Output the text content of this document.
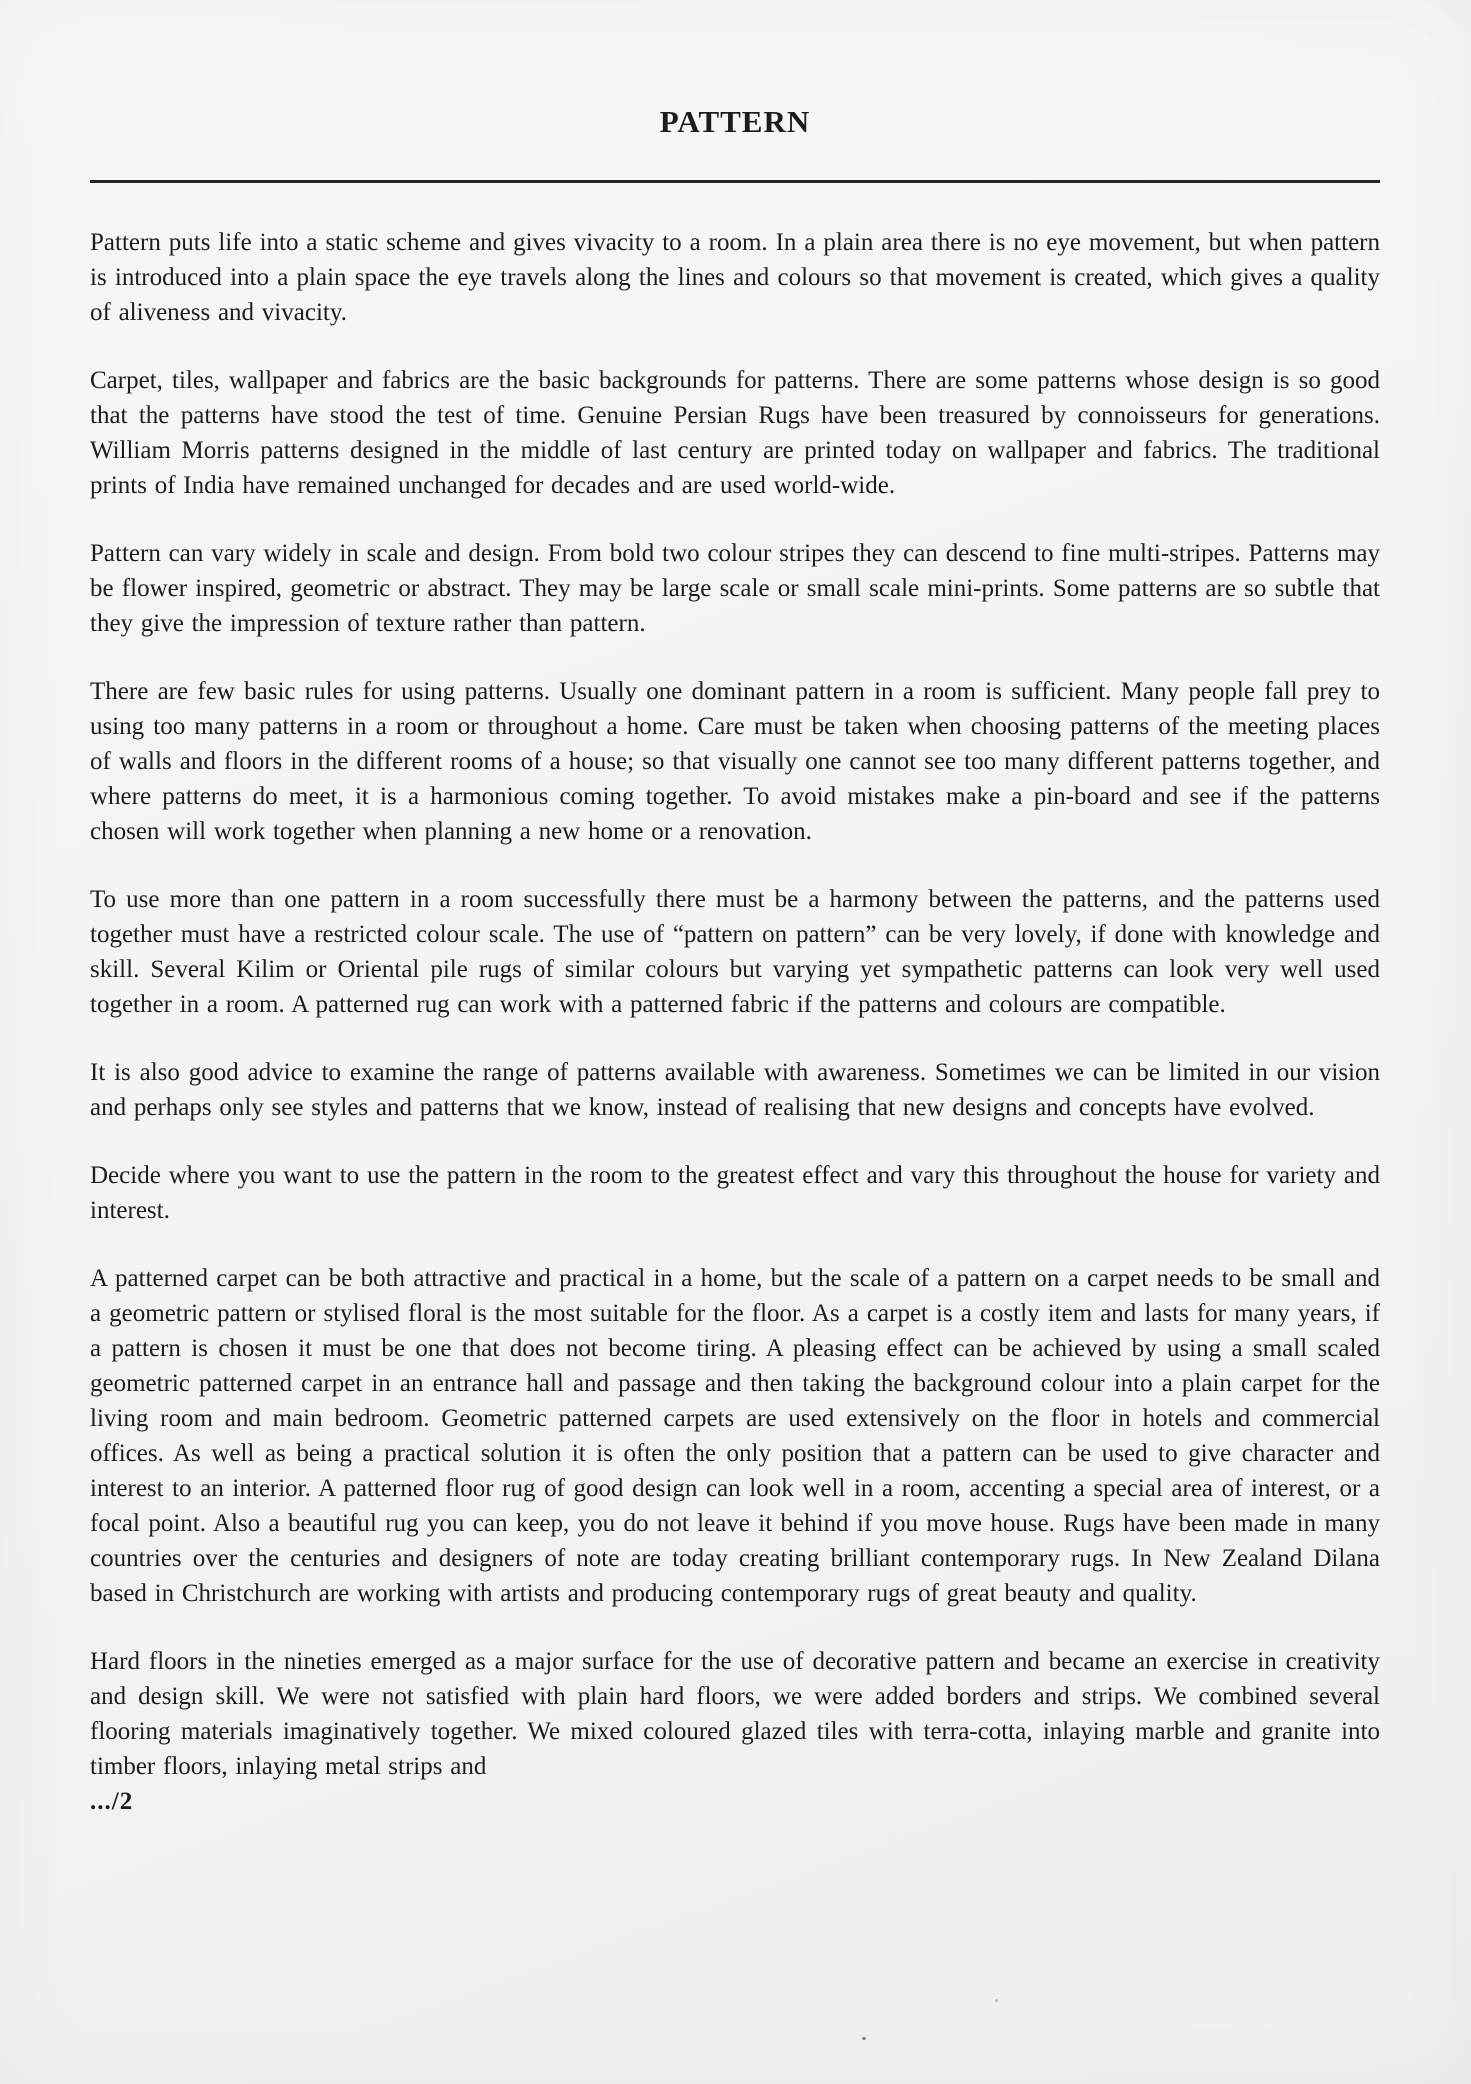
PATTERN

Pattern puts life into a static scheme and gives vivacity to a room. In a plain area there is no eye movement, but when pattern is introduced into a plain space the eye travels along the lines and colours so that movement is created, which gives a quality of aliveness and vivacity.

Carpet, tiles, wallpaper and fabrics are the basic backgrounds for patterns. There are some patterns whose design is so good that the patterns have stood the test of time. Genuine Persian Rugs have been treasured by connoisseurs for generations. William Morris patterns designed in the middle of last century are printed today on wallpaper and fabrics. The traditional prints of India have remained unchanged for decades and are used world-wide.

Pattern can vary widely in scale and design. From bold two colour stripes they can descend to fine multi-stripes. Patterns may be flower inspired, geometric or abstract. They may be large scale or small scale mini-prints. Some patterns are so subtle that they give the impression of texture rather than pattern.

There are few basic rules for using patterns. Usually one dominant pattern in a room is sufficient. Many people fall prey to using too many patterns in a room or throughout a home. Care must be taken when choosing patterns of the meeting places of walls and floors in the different rooms of a house; so that visually one cannot see too many different patterns together, and where patterns do meet, it is a harmonious coming together. To avoid mistakes make a pin-board and see if the patterns chosen will work together when planning a new home or a renovation.

To use more than one pattern in a room successfully there must be a harmony between the patterns, and the patterns used together must have a restricted colour scale. The use of “pattern on pattern” can be very lovely, if done with knowledge and skill. Several Kilim or Oriental pile rugs of similar colours but varying yet sympathetic patterns can look very well used together in a room. A patterned rug can work with a patterned fabric if the patterns and colours are compatible.

It is also good advice to examine the range of patterns available with awareness. Sometimes we can be limited in our vision and perhaps only see styles and patterns that we know, instead of realising that new designs and concepts have evolved.

Decide where you want to use the pattern in the room to the greatest effect and vary this throughout the house for variety and interest.

A patterned carpet can be both attractive and practical in a home, but the scale of a pattern on a carpet needs to be small and a geometric pattern or stylised floral is the most suitable for the floor. As a carpet is a costly item and lasts for many years, if a pattern is chosen it must be one that does not become tiring. A pleasing effect can be achieved by using a small scaled geometric patterned carpet in an entrance hall and passage and then taking the background colour into a plain carpet for the living room and main bedroom. Geometric patterned carpets are used extensively on the floor in hotels and commercial offices. As well as being a practical solution it is often the only position that a pattern can be used to give character and interest to an interior. A patterned floor rug of good design can look well in a room, accenting a special area of interest, or a focal point. Also a beautiful rug you can keep, you do not leave it behind if you move house. Rugs have been made in many countries over the centuries and designers of note are today creating brilliant contemporary rugs. In New Zealand Dilana based in Christchurch are working with artists and producing contemporary rugs of great beauty and quality.

Hard floors in the nineties emerged as a major surface for the use of decorative pattern and became an exercise in creativity and design skill. We were not satisfied with plain hard floors, we were added borders and strips. We combined several flooring materials imaginatively together. We mixed coloured glazed tiles with terra-cotta, inlaying marble and granite into timber floors, inlaying metal strips and

.../2
